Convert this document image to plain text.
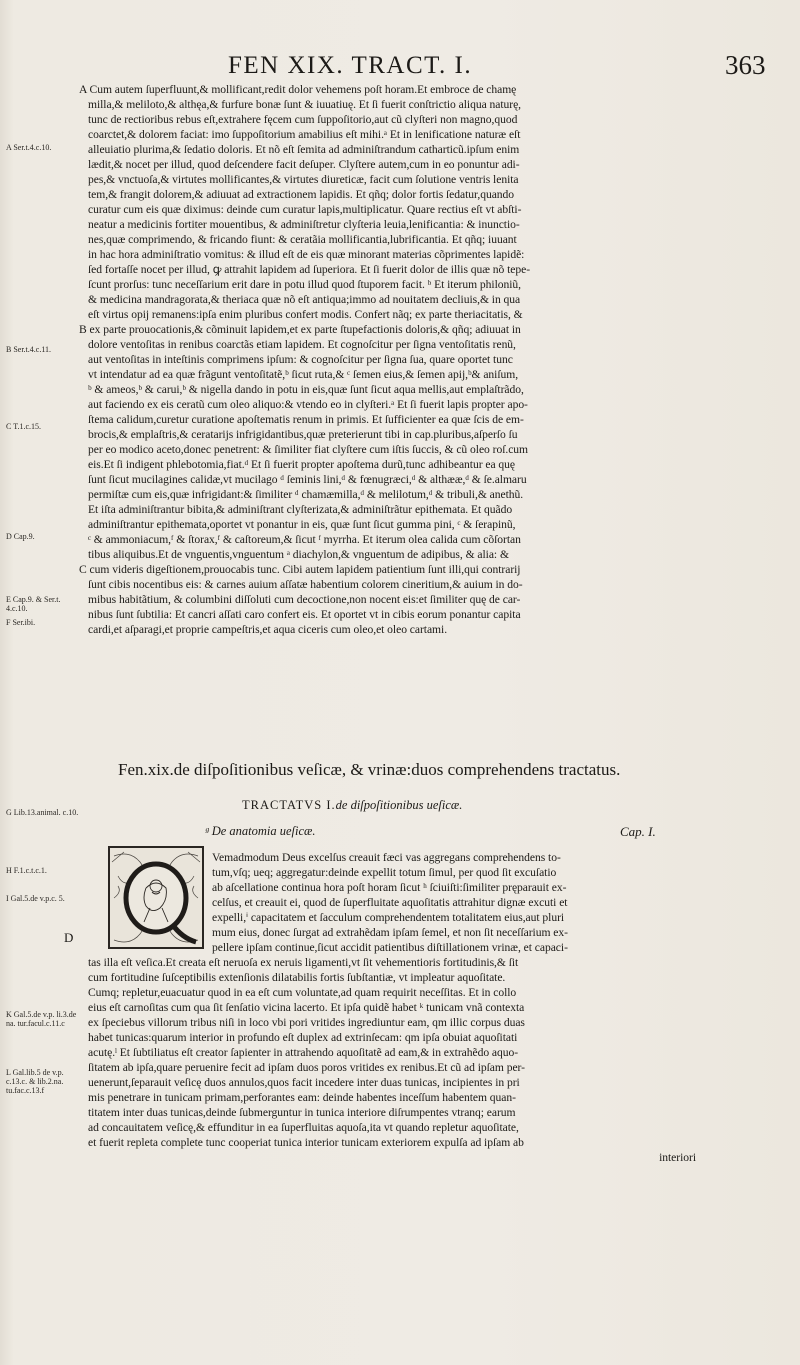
FEN XIX. TRACT. I.	363
A Ser.t.4.c.10.
B Ser.t.4.c.11.
C T.1.c.15.
D Cap.9.
E Cap.9. & Ser.t. 4.c.10.
F Ser.ibi.
G Lib.13.animal. c.10.
H F.1.c.t.c.1.
I Gal.5.de v.p.c. 5.
K Gal.5.de v.p. li.3.de na. tur.facul.c.11.c
L Gal.lib.5 de v.p. c.13.c. & lib.2.na. tu.fac.c.13.f
A Cum autem ſuperfluunt,& mollificant,redit dolor vehemens poſt horam.Et embroce de chamę
milla,& meliloto,& althęa,& furfure bonæ ſunt & iuuatiuę. Et ſi fuerit conſtrictio aliqua naturę,
tunc de rectioribus rebus eſt,extrahere fęcem cum ſuppoſitorio,aut cũ clyſteri non magno,quod
coarctet,& dolorem faciat: imo ſuppoſitorium amabilius eſt mihi.ᵃ Et in lenificatione naturæ eſt
alleuiatio plurima,& ſedatio doloris. Et nõ eſt ſemita ad adminiſtrandum catharticũ.ipſum enim
lædit,& nocet per illud, quod deſcendere facit deſuper. Clyſtere autem,cum in eo ponuntur adi-
pes,& vnctuoſa,& virtutes mollificantes,& virtutes diureticæ, facit cum ſolutione ventris lenita
tem,& frangit dolorem,& adiuuat ad extractionem lapidis. Et qñq; dolor fortis ſedatur,quando
curatur cum eis quæ diximus: deinde cum curatur lapis,multiplicatur. Quare rectius eſt vt abſti-
neatur a medicinis fortiter mouentibus, & adminiſtretur clyſteria leuia,lenificantia: & inunctio-
nes,quæ comprimendo, & fricando fiunt: & ceratãia mollificantia,lubrificantia. Et qñq; iuuant
in hac hora adminiſtratio vomitus: & illud eſt de eis quæ minorant materias cõprimentes lapidẽ:
ſed fortaſſe nocet per illud, ꝙ attrahit lapidem ad ſuperiora. Et ſi fuerit dolor de illis quæ nõ tepe-
ſcunt prorſus: tunc neceſſarium erit dare in potu illud quod ſtuporem facit. ᵇ Et iterum philoniũ,
& medicina mandragorata,& theriaca quæ nõ eſt antiqua;immo ad nouitatem decliuis,& in qua
eſt virtus opij remanens:ipſa enim pluribus confert modis. Confert nãq; ex parte theriacitatis, &
B ex parte prouocationis,& cõminuit lapidem,et ex parte ſtupefactionis doloris,& qñq; adiuuat in
dolore ventoſitas in renibus coarctãs etiam lapidem. Et cognoſcitur per ſigna ventoſitatis renũ,
aut ventoſitas in inteſtinis comprimens ipſum: & cognoſcitur per ſigna ſua, quare oportet tunc
vt intendatur ad ea quæ frãgunt ventoſitatẽ,ᵇ ſicut ruta,& ᶜ ſemen eius,& ſemen apij,ᵇ& aniſum,
ᵇ & ameos,ᵇ & carui,ᵇ & nigella dando in potu in eis,quæ ſunt ſicut aqua mellis,aut emplaſtrãdo,
aut faciendo ex eis ceratũ cum oleo aliquo:& vtendo eo in clyſteri.ᵃ Et ſi fuerit lapis propter apo-
ſtema calidum,curetur curatione apoſtematis renum in primis. Et ſufficienter ea quæ ſcis de em-
brocis,& emplaſtris,& ceratarijs infrigidantibus,quæ preterierunt tibi in cap.pluribus,aſperſo ſu
per eo modico aceto,donec penetrent: & ſimiliter fiat clyſtere cum iſtis ſuccis, & cũ oleo roſ.cum
eis.Et ſi indigent phlebotomia,fiat.ᵈ Et ſi fuerit propter apoſtema durũ,tunc adhibeantur ea quę
ſunt ſicut mucilagines calidæ,vt mucilago ᵈ ſeminis lini,ᵈ & fœnugræci,ᵈ & althææ,ᵈ & ſe.almaru
permiſtæ cum eis,quæ infrigidant:& ſimiliter ᵈ chamæmilla,ᵈ & melilotum,ᵈ & tribuli,& anethũ.
Et iſta adminiſtrantur bibita,& adminiſtrant clyſterizata,& adminiſtrãtur epithemata. Et quãdo
adminiſtrantur epithemata,oportet vt ponantur in eis, quæ ſunt ſicut gummа pini, ᶜ & ſerapinũ,
ᶜ & ammoniacum,ᶠ & ſtorax,ᶠ & caſtoreum,& ſicut ᶠ myrrha. Et iterum olea calida cum cõſortan
tibus aliquibus.Et de vnguentis,vnguentum ᵃ diachylon,& vnguentum de adipibus, & alia: &
C cum videris digeſtionem,prouocabis tunc. Cibi autem lapidem patientium ſunt illi,qui contrarij
ſunt cibis nocentibus eis: & carnes auium aſſatæ habentium colorem cineritium,& auium in do-
mibus habitãtium, & columbini diſſoluti cum decoctione,non nocent eis:et ſimiliter quę de car-
nibus ſunt ſubtilia: Et cancri aſſati caro confert eis. Et oportet vt in cibis eorum ponantur capita
cardi,et aſparagi,et proprie campeſtris,et aqua ciceris cum oleo,et oleo cartami.
Fen.xix.de diſpoſitionibus veſicæ, & vrinæ:duos comprehendens tractatus.
TRACTATVS I.de diſpoſitionibus ueſicæ.
ᵍ De anatomia ueſicæ.	Cap. I.
D
Vemadmodum Deus excelſus creauit fæci vas aggregans comprehendens to-
tum,vſq; ueq; aggregatur:deinde expellit totum ſimul, per quod ſit excuſatio
ab aſcellatione continua hora poſt horam ſicut ʰ ſciuiſti:ſimiliter pręparauit ex-
celſus, et creauit ei, quod de ſuperfluitate aquoſitatis attrahitur dignæ excuti et
expelli,ⁱ capacitatem et ſacculum comprehendentem totalitatem eius,aut pluri
mum eius, donec ſurgat ad extrahẽdam ipſam ſemel, et non ſit neceſſarium ex-
pellere ipſam continue,ſicut accidit patientibus diſtillationem vrinæ, et capaci-
tas illa eſt veſica.Et creata eſt neruoſa ex neruis ligamenti,vt ſit vehementioris fortitudinis,& ſit
cum fortitudine ſuſceptibilis extenſionis dilatabilis fortis ſubſtantiæ, vt impleatur aquoſitate.
Cumq; repletur,euacuatur quod in ea eſt cum voluntate,ad quam requirit neceſſitas. Et in collo
eius eſt carnoſitas cum qua ſit ſenſatio vicina lacerto. Et ipſa quidẽ habet ᵏ tunicam vnã contexta
ex ſpeciebus villorum tribus niſi in loco vbi pori vritides ingrediuntur eam, qm illic corpus duas
habet tunicas:quarum interior in profundo eſt duplex ad extrinſecam: qm ipſa obuiat aquoſitati
acutę.ˡ Et ſubtiliatus eſt creator ſapienter in attrahendo aquoſitatẽ ad eam,& in extrahẽdo aquo-
ſitatem ab ipſa,quare peruenire fecit ad ipſam duos poros vritides ex renibus.Et cũ ad ipſam per-
uenerunt,ſeparauit veſicę duos annulos,quos facit incedere inter duas tunicas, incipientes in pri
mis penetrare in tunicam primam,perforantes eam: deinde habentes inceſſum habentem quan-
titatem inter duas tunicas,deinde ſubmerguntur in tunica interiore diſrumpentes vtranq; earum
ad concauitatem veſicę,& effunditur in ea ſuperfluitas aquoſa,ita vt quando repletur aquoſitate,
et fuerit repleta complete tunc cooperiat tunica interior tunicam exteriorem expulſa ad ipſam ab
interiori
